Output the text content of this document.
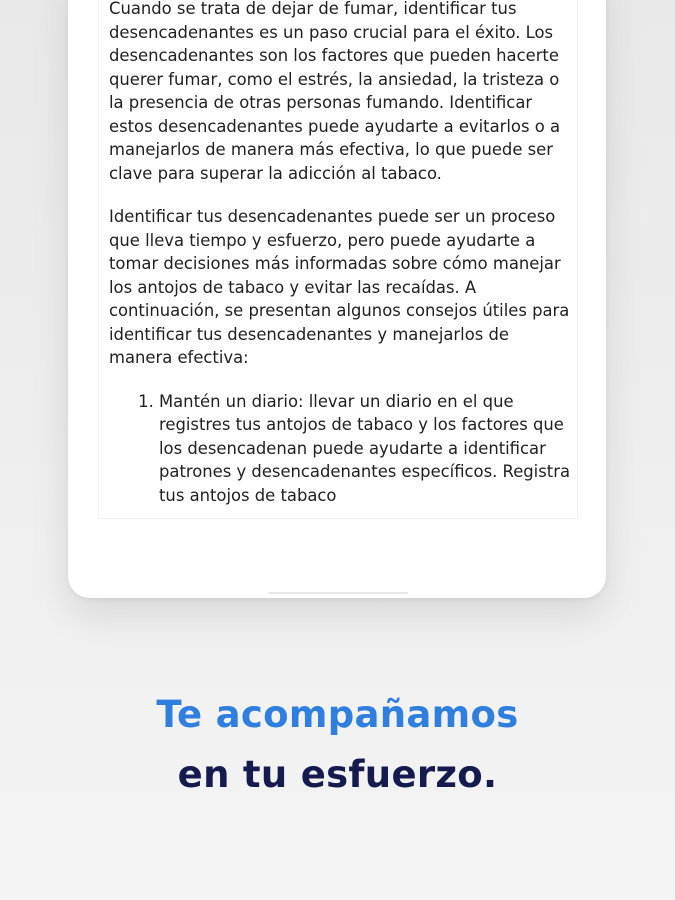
Cuando se trata de dejar de fumar, identificar tus desencadenantes es un paso crucial para el éxito. Los desencadenantes son los factores que pueden hacerte querer fumar, como el estrés, la ansiedad, la tristeza o la presencia de otras personas fumando. Identificar estos desencadenantes puede ayudarte a evitarlos o a manejarlos de manera más efectiva, lo que puede ser clave para superar la adicción al tabaco.

Identificar tus desencadenantes puede ser un proceso que lleva tiempo y esfuerzo, pero puede ayudarte a tomar decisiones más informadas sobre cómo manejar los antojos de tabaco y evitar las recaídas. A continuación, se presentan algunos consejos útiles para identificar tus desencadenantes y manejarlos de manera efectiva:

1. Mantén un diario: llevar un diario en el que registres tus antojos de tabaco y los factores que los desencadenan puede ayudarte a identificar patrones y desencadenantes específicos. Registra tus antojos de tabaco
Te acompañamos
en tu esfuerzo.
